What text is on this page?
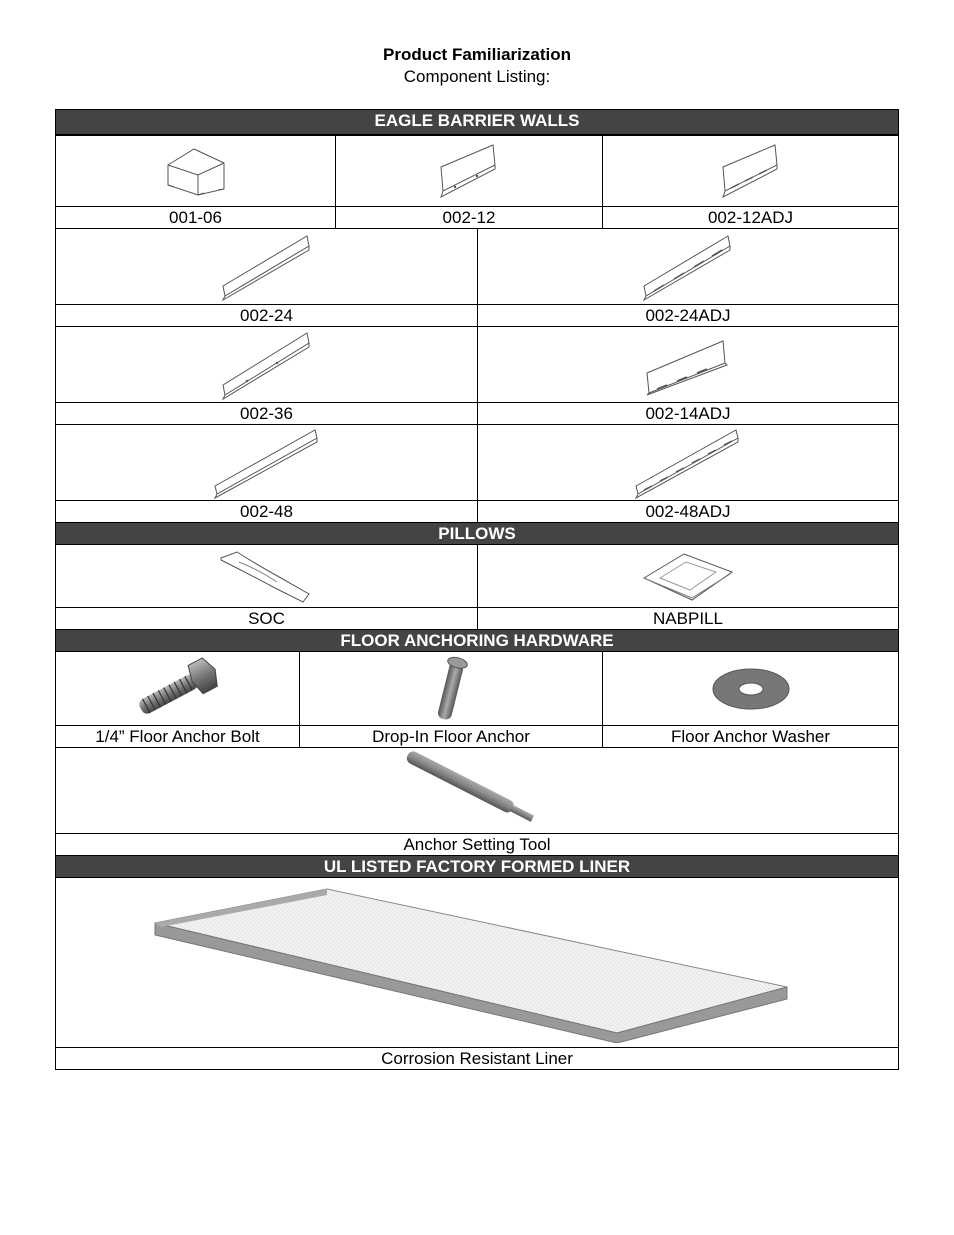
Product Familiarization
Component Listing:
EAGLE BARRIER WALLS
001-06	002-12	002-12ADJ
002-24	002-24ADJ
002-36	002-14ADJ
002-48	002-48ADJ
PILLOWS
SOC	NABPILL
FLOOR ANCHORING HARDWARE
1/4” Floor Anchor Bolt	Drop-In Floor Anchor	Floor Anchor Washer
Anchor Setting Tool
UL LISTED FACTORY FORMED LINER
Corrosion Resistant Liner
